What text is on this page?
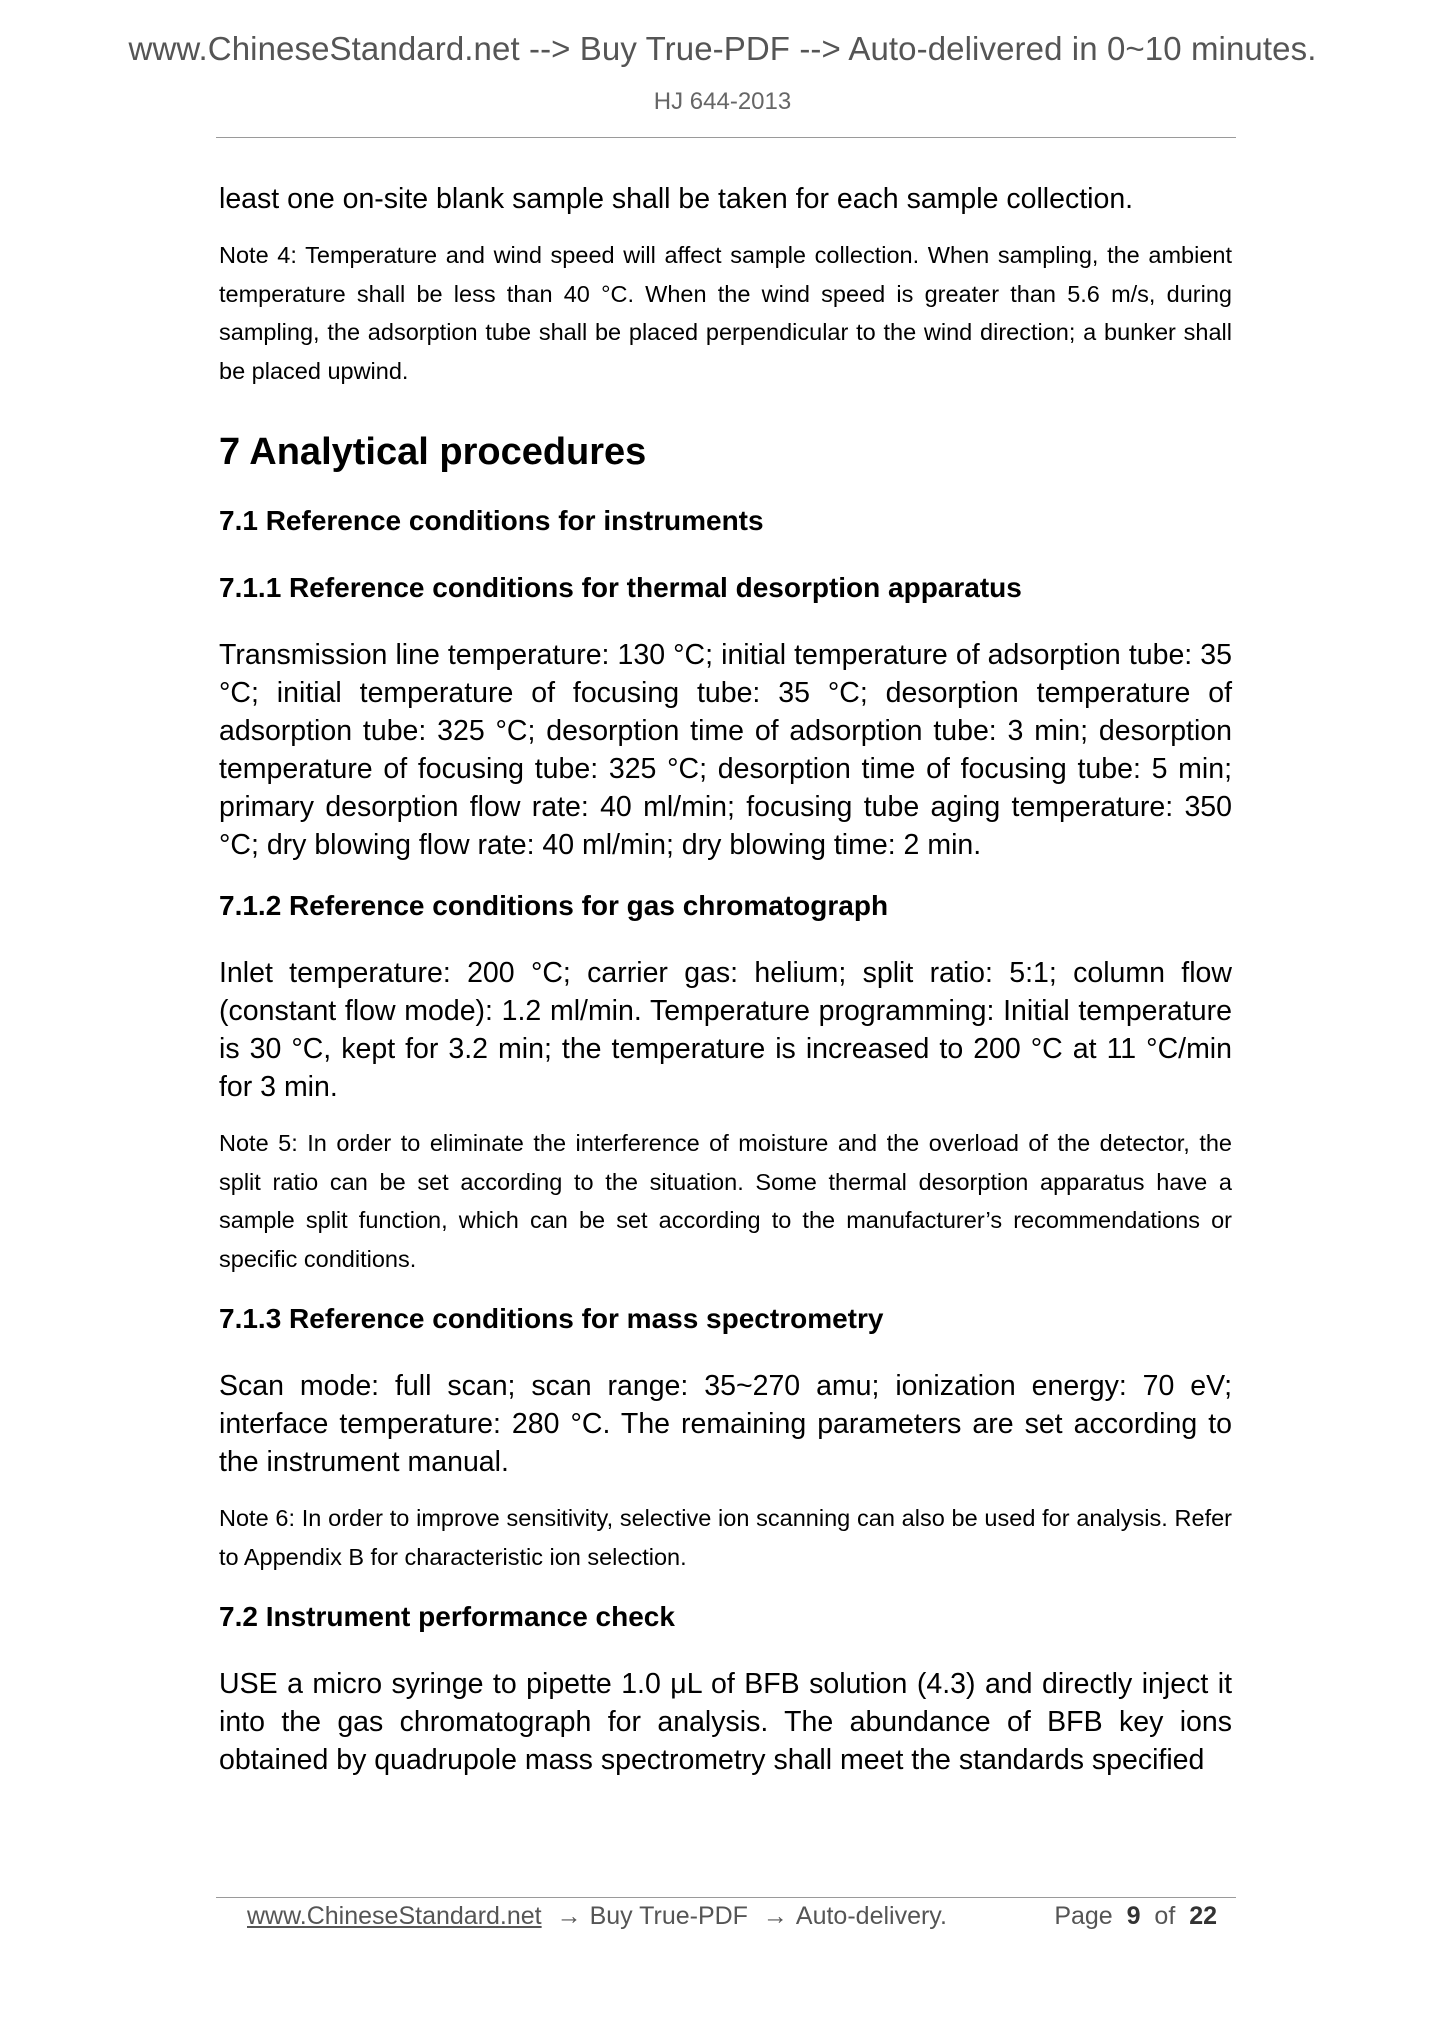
www.ChineseStandard.net --> Buy True-PDF --> Auto-delivered in 0~10 minutes.
HJ 644-2013

least one on-site blank sample shall be taken for each sample collection.

Note 4: Temperature and wind speed will affect sample collection. When sampling, the ambient temperature shall be less than 40 °C. When the wind speed is greater than 5.6 m/s, during sampling, the adsorption tube shall be placed perpendicular to the wind direction; a bunker shall be placed upwind.

7 Analytical procedures
7.1 Reference conditions for instruments
7.1.1 Reference conditions for thermal desorption apparatus

Transmission line temperature: 130 °C; initial temperature of adsorption tube: 35 °C; initial temperature of focusing tube: 35 °C; desorption temperature of adsorption tube: 325 °C; desorption time of adsorption tube: 3 min; desorption temperature of focusing tube: 325 °C; desorption time of focusing tube: 5 min; primary desorption flow rate: 40 ml/min; focusing tube aging temperature: 350 °C; dry blowing flow rate: 40 ml/min; dry blowing time: 2 min.

7.1.2 Reference conditions for gas chromatograph

Inlet temperature: 200 °C; carrier gas: helium; split ratio: 5:1; column flow (constant flow mode): 1.2 ml/min. Temperature programming: Initial temperature is 30 °C, kept for 3.2 min; the temperature is increased to 200 °C at 11 °C/min for 3 min.

Note 5: In order to eliminate the interference of moisture and the overload of the detector, the split ratio can be set according to the situation. Some thermal desorption apparatus have a sample split function, which can be set according to the manufacturer’s recommendations or specific conditions.

7.1.3 Reference conditions for mass spectrometry

Scan mode: full scan; scan range: 35~270 amu; ionization energy: 70 eV; interface temperature: 280 °C. The remaining parameters are set according to the instrument manual.

Note 6: In order to improve sensitivity, selective ion scanning can also be used for analysis. Refer to Appendix B for characteristic ion selection.

7.2 Instrument performance check

USE a micro syringe to pipette 1.0 μL of BFB solution (4.3) and directly inject it into the gas chromatograph for analysis. The abundance of BFB key ions obtained by quadrupole mass spectrometry shall meet the standards specified

www.ChineseStandard.net → Buy True-PDF → Auto-delivery.	Page 9 of 22
